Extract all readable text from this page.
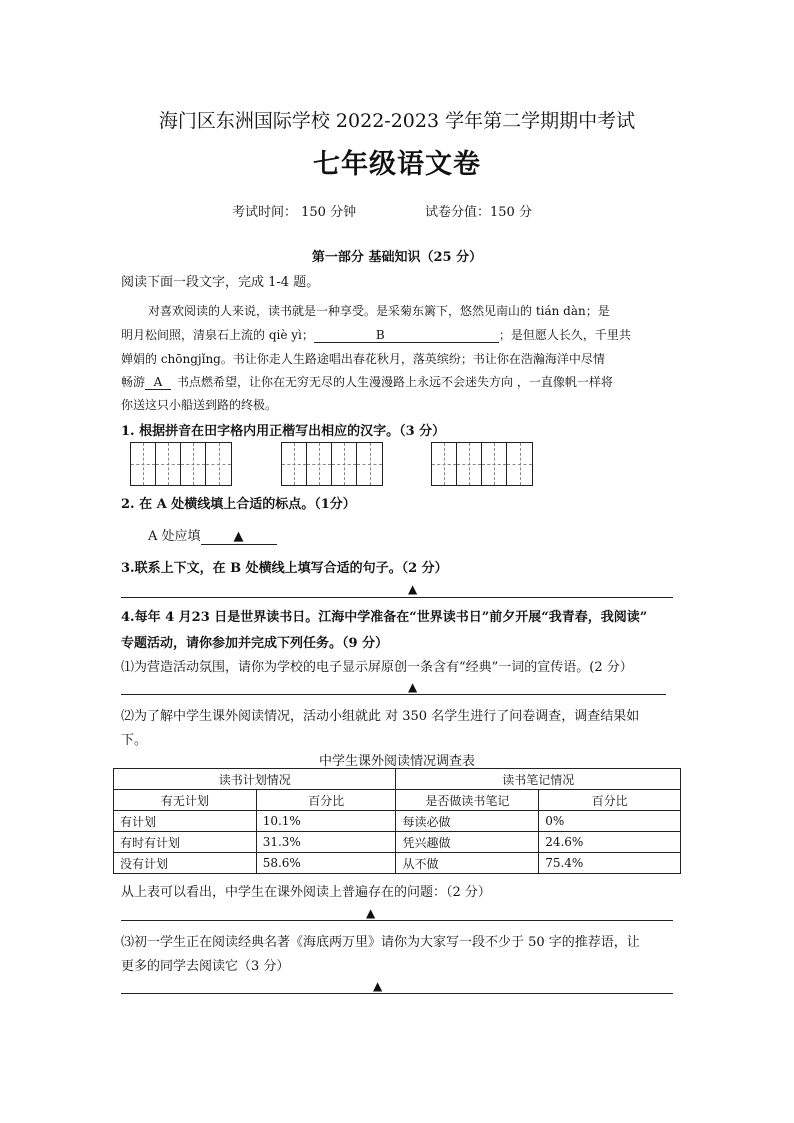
海门区东洲国际学校 2022-2023 学年第二学期期中考试
七年级语文卷
考试时间： 150 分钟	试卷分值：150 分
第一部分 基础知识（25 分）
阅读下面一段文字，完成 1-4 题。
对喜欢阅读的人来说，读书就是一种享受。是采菊东篱下，悠然见南山的 tián dàn；是
明月松间照，清泉石上流的 qiè yì；	B	；是但愿人长久，千里共
婵娟的 chōngjǐng。书让你走人生路途唱出春花秋月，落英缤纷；书让你在浩瀚海洋中尽情
畅游 A 书点燃希望，让你在无穷无尽的人生漫漫路上永远不会迷失方向 ，一直像帆一样将
你送这只小船送到路的终极。
1. 根据拼音在田字格内用正楷写出相应的汉字。（3 分）
2. 在 A 处横线填上合适的标点。（1分）
A 处应填	▲
3.联系上下文，在 B 处横线上填写合适的句子。（2 分）
▲
4.每年 4 月23 日是世界读书日。江海中学准备在“世界读书日”前夕开展“我青春，我阅读”
专题活动，请你参加并完成下列任务。（9 分）
⑴为营造活动氛围，请你为学校的电子显示屏原创一条含有“经典”一词的宣传语。(2 分）
▲
⑵为了解中学生课外阅读情况，活动小组就此 对 350 名学生进行了问卷调查，调查结果如
下。
中学生课外阅读情况调查表
读书计划情况		读书笔记情况	
有无计划	百分比	是否做读书笔记	百分比
有计划	10.1%	每读必做	0%
有时有计划	31.3%	凭兴趣做	24.6%
没有计划	58.6%	从不做	75.4%
从上表可以看出，中学生在课外阅读上普遍存在的问题：（2 分）
▲
⑶初一学生正在阅读经典名著《海底两万里》请你为大家写一段不少于 50 字的推荐语，让
更多的同学去阅读它（3 分）
▲
